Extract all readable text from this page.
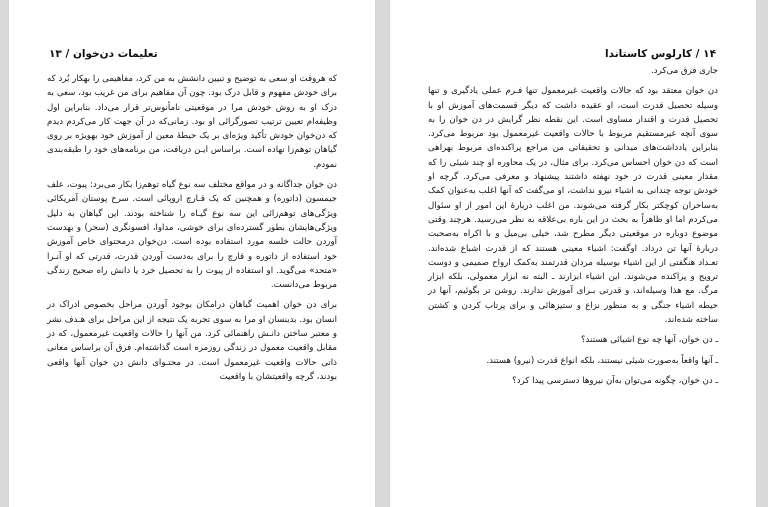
تعلیمات دن‌خوان / ۱۳

که هروقت او سعی به توضیح و تبیین دانشش به من کرد، مفاهیمی را بهکار بُرد که برای خودش مفهوم و قابل درک بود. چون آن مفاهیم برای من غریب بود، سعی به درک او به روش خودش مرا در موقعیتی نامأنوس‌تر قرار می‌داد. بنابراین اول وظیفه‌ام تعیین ترتیب تصورگرائی او بود. زمانی‌که در آن جهت کار می‌کردم دیدم که دن‌خوان خودش تأکید ویژه‌ای بر یک حیطهٔ معین از آموزش خود بهویژه بر روی گیاهان توهم‌زا نهاده است. براساس ایـن دریافت، من برنامه‌های خود را طبقه‌بندی نمودم.

دن خوان جداگانه و در مواقع مختلف سه نوع گیاه توهم‌زا بکار می‌برد: پیوت، علف جیمسون (داتوره) و همچنین که یک قـارچ اروپائی است. سرخ پوستان آمریکائی ویژگی‌های توهم‌زائی این سه نوع گیـاه را شناخته بودند. این گیاهان به دلیل ویژگی‌هایشان بطور گسترده‌ای برای خوشی، مداوا، افسونگری (سحر) و بهدست آوردن حالت خلسه مورد استفاده بوده است. دن‌خوان درمحتوای خاص آموزش خود استفاده از داتوره و قارچ را برای به‌دست آوردن قدرت، قدرتی که او آنـرا «متحد» می‌گوید. او استفاده از پیوت را به تحصیل خرد یا دانش راه صحیح زندگی مربوط می‌دانست.

برای دن خوان اهمیت گیاهان درامکان بوجود آوردن مراحل بخصوص ادراک در انسان بود. بدینسان او مرا به سوی تجربه یک نتیجه از این مراحل برای هـدف نشر و معتبر ساختن دانـش راهنمائی کرد. من آنها را حالات واقعیت غیرمعمول، که در مقابل واقعیت معمول در زندگی روزمره است گذاشته‌ام. فرق آن براساس معانی ذاتی حالات واقعیت غیرمعمول است. در محتـوای دانش دن خوان آنها واقعی بودند، گرچه واقعیتشان با واقعیت

۱۴ / کارلوس کاستاندا

جاری فرق می‌کرد.

دن خوان معتقد بود که حالات واقعیت غیرمعمول تنها فـرم عملی یادگیری و تنها وسیله تحصیل قدرت است، او عقیده داشت که دیگر قسمت‌های آموزش او با تحصیل قدرت و اقتدار مساوی است. این نقطه نظر گرایش در دن خوان را به سوی آنچه غیرمستقیم مربوط با حالات واقعیت غیرمعمول بود مربوط می‌کرد. بنابراین یادداشت‌های میدانی و تحقیقاتی من مراجع پراکنده‌ای مربوط بهراهی است که دن خوان احساس می‌کرد. برای مثال، در یک محاوره او چند شیئی را که مقدار معینی قدرت در خود نهفته داشتند پیشنهاد و معرفی می‌کرد. گرچه او خودش توجه چندانی به اشیاء نیرو نداشت، او می‌گفت که آنها اغلب به‌عنوان کمک به‌ساحران کوچکتر بکار گرفته می‌شوند. من اغلب دربارهٔ این امور از او سئوال می‌کردم اما او ظاهراً به بحث در این باره بی‌علاقه به نظر می‌رسید. هرچند وقتی موضوع دوباره در موقعیتی دیگر مطرح شد، خیلی بی‌میل و با اکراه به‌صحبت دربارهٔ آنها تن درداد. اوگفت: اشیاء معینی هستند که از قدرت اشباع شده‌اند. تعـداد هنگفتی از این اشیاء بوسیله مردان قدرتمند به‌کمک ارواح صمیمی و دوست ترویج و پراکنده می‌شوند. این اشیاء ابزارند ـ البته نه ابزار معمولی، بلکه ابزار مرگ. مع هذا وسیله‌اند، و قدرتی بـرای آموزش ندارند. روشن تر بگوئیم، آنها در حیطه اشیاء جنگی و به منظور نزاع و ستیزهائی و برای پرتاب کردن و کشتن ساخته شده‌اند.

ـ دن خوان، آنها چه نوع اشیائی هستند؟

ـ آنها واقعاً به‌صورت شیئی نیستند، بلکه انواع قدرت (نیرو) هستند.

ـ دن خوان، چگونه می‌توان به‌آن نیروها دسترسی پیدا کرد؟
